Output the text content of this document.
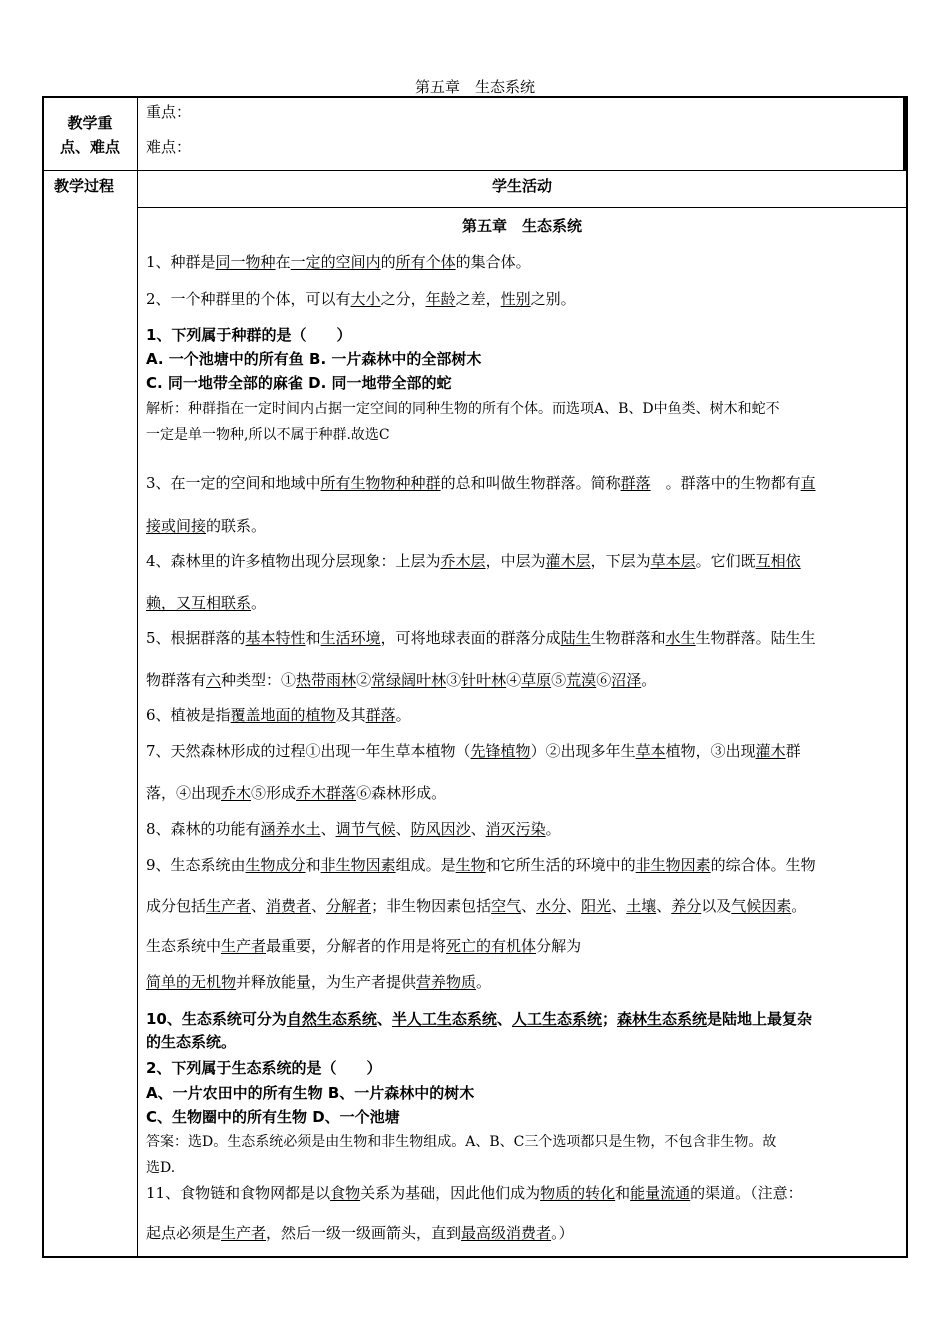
第五章　生态系统
教学重
点、难点
重点：
难点：
教学过程	学生活动
第五章　生态系统
1、种群是同一物种在一定的空间内的所有个体的集合体。
2、一个种群里的个体，可以有大小之分，年龄之差，性别之别。
1、下列属于种群的是（　　）
A. 一个池塘中的所有鱼 B. 一片森林中的全部树木
C. 同一地带全部的麻雀 D. 同一地带全部的蛇
解析：种群指在一定时间内占据一定空间的同种生物的所有个体。而选项A、B、D中鱼类、树木和蛇不
一定是单一物种,所以不属于种群.故选C
3、在一定的空间和地域中所有生物物种种群的总和叫做生物群落。简称群落　。群落中的生物都有直
接或间接的联系。
4、森林里的许多植物出现分层现象：上层为乔木层，中层为灌木层，下层为草本层。它们既互相依
赖，又互相联系。
5、根据群落的基本特性和生活环境，可将地球表面的群落分成陆生生物群落和水生生物群落。陆生生
物群落有六种类型：①热带雨林②常绿阔叶林③针叶林④草原⑤荒漠⑥沼泽。
6、植被是指覆盖地面的植物及其群落。
7、天然森林形成的过程①出现一年生草本植物（先锋植物）②出现多年生草本植物，③出现灌木群
落，④出现乔木⑤形成乔木群落⑥森林形成。
8、森林的功能有涵养水土、调节气候、防风因沙、消灭污染。
9、生态系统由生物成分和非生物因素组成。是生物和它所生活的环境中的非生物因素的综合体。生物
成分包括生产者、消费者、分解者；非生物因素包括空气、水分、阳光、土壤、养分以及气候因素。
生态系统中生产者最重要，分解者的作用是将死亡的有机体分解为
简单的无机物并释放能量，为生产者提供营养物质。
10、生态系统可分为自然生态系统、半人工生态系统、人工生态系统；森林生态系统是陆地上最复杂
的生态系统。
2、下列属于生态系统的是（　　）
A、一片农田中的所有生物 B、一片森林中的树木
C、生物圈中的所有生物 D、一个池塘
答案：选D。生态系统必须是由生物和非生物组成。A、B、C三个选项都只是生物，不包含非生物。故
选D.
11、食物链和食物网都是以食物关系为基础，因此他们成为物质的转化和能量流通的渠道。（注意：
起点必须是生产者，然后一级一级画箭头，直到最高级消费者。）
